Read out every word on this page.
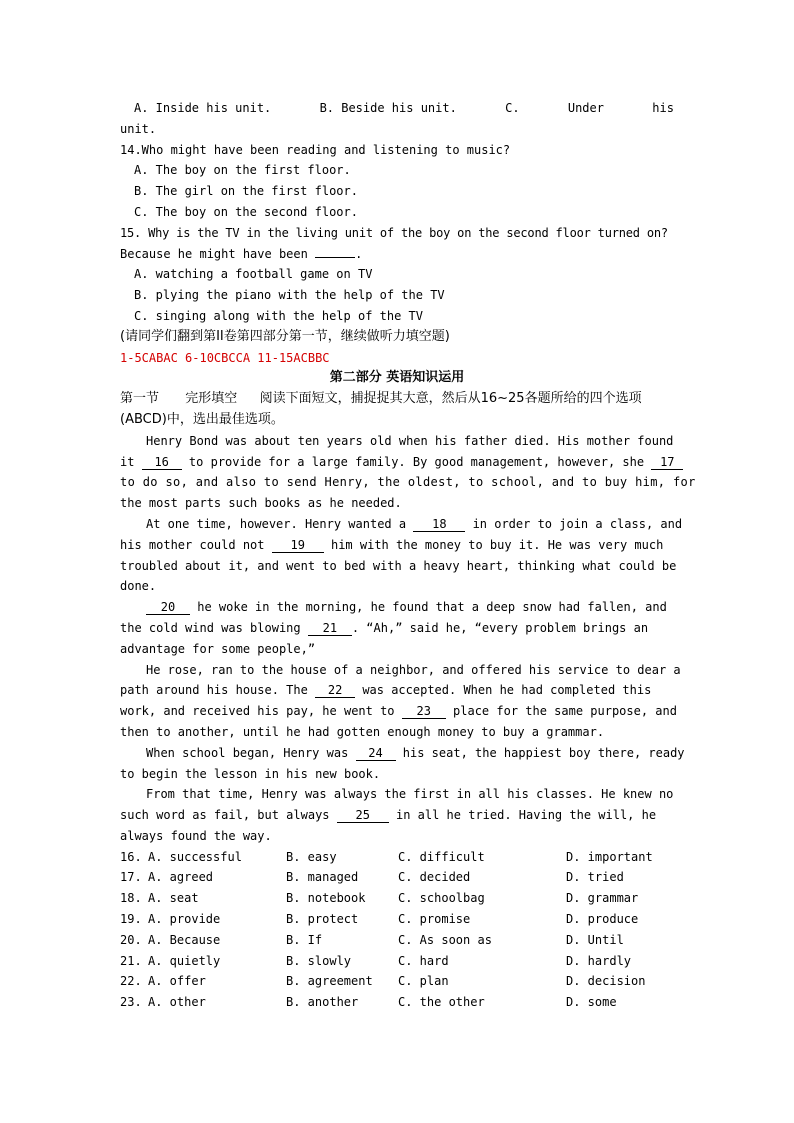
A. Inside his unit.	B. Beside his unit.	C.	Under	his
unit.
14.Who might have been reading and listening to music?
A. The boy on the first floor.
B. The girl on the first floor.
C. The boy on the second floor.
15. Why is the TV in the living unit of the boy on the second floor turned on?
Because he might have been	.
A. watching a football game on TV
B. plying the piano with the help of the TV
C. singing along with the help of the TV
(请同学们翻到第II卷第四部分第一节，继续做听力填空题)
1-5CABAC 6-10CBCCA 11-15ACBBC
第二部分 英语知识运用
第一节 完形填空 阅读下面短文，捕捉捉其大意，然后从16~25各题所给的四个选项
(ABCD)中，选出最佳选项。
Henry Bond was about ten years old when his father died. His mother found
it 16 to provide for a large family. By good management, however, she 17
to do so, and also to send Henry, the oldest, to school, and to buy him, for
the most parts such books as he needed.
At one time, however. Henry wanted a 18 in order to join a class, and
his mother could not 19 him with the money to buy it. He was very much
troubled about it, and went to bed with a heavy heart, thinking what could be
done.
20 he woke in the morning, he found that a deep snow had fallen, and
the cold wind was blowing 21 . “Ah,” said he, “every problem brings an
advantage for some people,”
He rose, ran to the house of a neighbor, and offered his service to dear a
path around his house. The 22 was accepted. When he had completed this
work, and received his pay, he went to 23 place for the same purpose, and
then to another, until he had gotten enough money to buy a grammar.
When school began, Henry was 24 his seat, the happiest boy there, ready
to begin the lesson in his new book.
From that time, Henry was always the first in all his classes. He knew no
such word as fail, but always 25 in all he tried. Having the will, he
always found the way.
16. A. successful	B. easy	C. difficult	D. important
17. A. agreed	B. managed	C. decided	D. tried
18. A. seat	B. notebook	C. schoolbag	D. grammar
19. A. provide	B. protect	C. promise	D. produce
20. A. Because	B. If	C. As soon as	D. Until
21. A. quietly	B. slowly	C. hard	D. hardly
22. A. offer	B. agreement	C. plan	D. decision
23. A. other	B. another	C. the other	D. some
